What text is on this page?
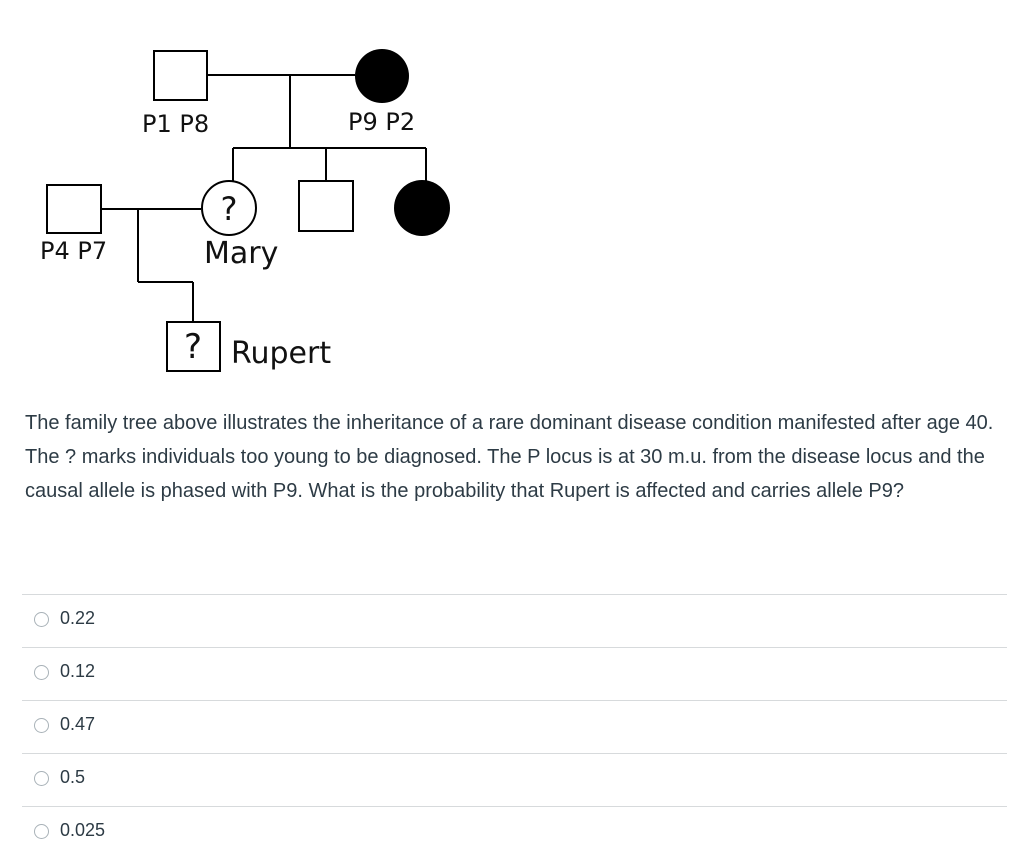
P1 P8	P9 P2
P4 P7
?
Mary
? Rupert

The family tree above illustrates the inheritance of a rare dominant disease condition manifested after age 40. The ? marks individuals too young to be diagnosed. The P locus is at 30 m.u. from the disease locus and the causal allele is phased with P9. What is the probability that Rupert is affected and carries allele P9?

0.22
0.12
0.47
0.5
0.025
